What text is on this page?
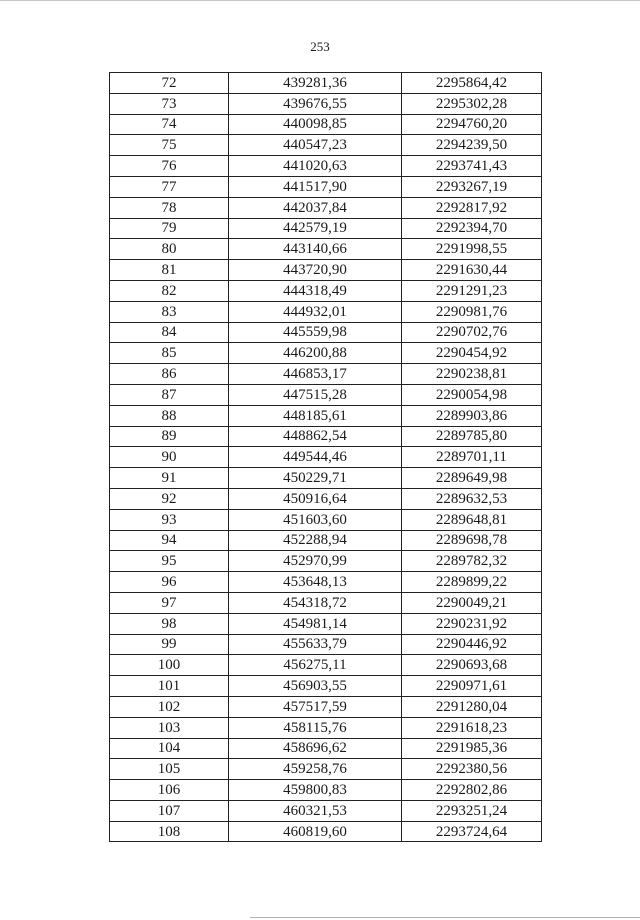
253
72	439281,36	2295864,42
73	439676,55	2295302,28
74	440098,85	2294760,20
75	440547,23	2294239,50
76	441020,63	2293741,43
77	441517,90	2293267,19
78	442037,84	2292817,92
79	442579,19	2292394,70
80	443140,66	2291998,55
81	443720,90	2291630,44
82	444318,49	2291291,23
83	444932,01	2290981,76
84	445559,98	2290702,76
85	446200,88	2290454,92
86	446853,17	2290238,81
87	447515,28	2290054,98
88	448185,61	2289903,86
89	448862,54	2289785,80
90	449544,46	2289701,11
91	450229,71	2289649,98
92	450916,64	2289632,53
93	451603,60	2289648,81
94	452288,94	2289698,78
95	452970,99	2289782,32
96	453648,13	2289899,22
97	454318,72	2290049,21
98	454981,14	2290231,92
99	455633,79	2290446,92
100	456275,11	2290693,68
101	456903,55	2290971,61
102	457517,59	2291280,04
103	458115,76	2291618,23
104	458696,62	2291985,36
105	459258,76	2292380,56
106	459800,83	2292802,86
107	460321,53	2293251,24
108	460819,60	2293724,64
